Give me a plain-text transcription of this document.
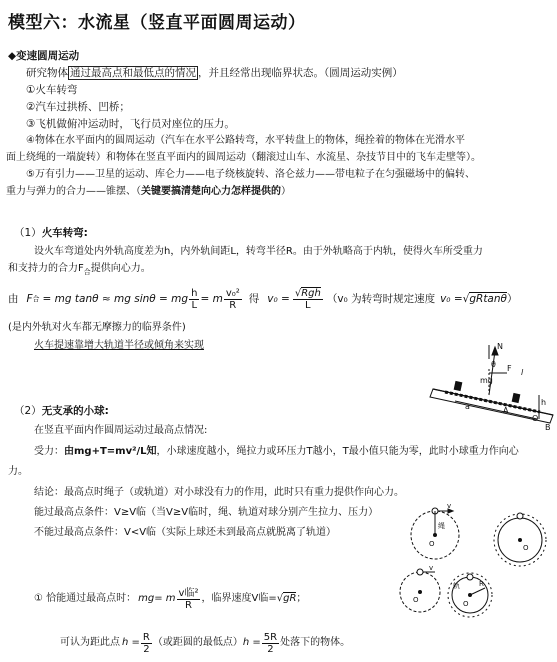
模型六：水流星（竖直平面圆周运动）
◆变速圆周运动
研究物体 通过最高点和最低点的情况 ，并且经常出现临界状态。（圆周运动实例）
①火车转弯
②汽车过拱桥、凹桥；
③飞机做俯冲运动时，飞行员对座位的压力。
④物体在水平面内的圆周运动（汽车在水平公路转弯，水平转盘上的物体，绳拴着的物体在光滑水平
面上绕绳的一端旋转）和物体在竖直平面内的圆周运动（翻滚过山车、水流星、杂技节目中的飞车走壁等）。
⑤万有引力——卫星的运动、库仑力——电子绕核旋转、洛仑兹力——带电粒子在匀强磁场中的偏转、
重力与弹力的合力——锥摆、（关键要搞清楚向心力怎样提供的）
（1）火车转弯:
设火车弯道处内外轨高度差为h，内外轨间距L，转弯半径R。由于外轨略高于内轨，使得火车所受重力
和支持力的合力$F_合$提供向心力。
由 F 合 = mg tanθ ≈ mg sinθ = mg $\frac{h}{L} = m \frac{\text{v₀²}}{R}$ 得 $v_0 = \frac{\text{√Rgh}}{L} (v_0$ 为转弯时规定速度 v₀ = √gRtanθ ）
(是内外轨对火车都无摩擦力的临界条件)
火车提速靠增大轨道半径或倾角来实现	N
θ
mg
F
h
l
a	A
O
B
（2）无支承的小球:
在竖直平面内作圆周运动过最高点情况:
受力：由mg+T=mv²/L知，小球速度越小，绳拉力或环压力T越小，T最小值只能为零，此时小球重力作向心
力。
结论：最高点时绳子（或轨道）对小球没有力的作用，此时只有重力提供作向心力。
能过最高点条件：V≥V临（当V≥V临时，绳、轨道对球分别产生拉力、压力）
不能过最高点条件：V<V临（实际上球还未到最高点就脱离了轨道）
v
O
绳
O
v
O
R
轨
O
① 恰能通过最高点时： mg= m $\frac{\text{v临²}}{R}$ ，临界速度V临= √gR ；
可认为距此点 $h = \frac{R}{2}$ （或距圆的最低点） $h = \frac{5R}{2}$ 处落下的物体。
